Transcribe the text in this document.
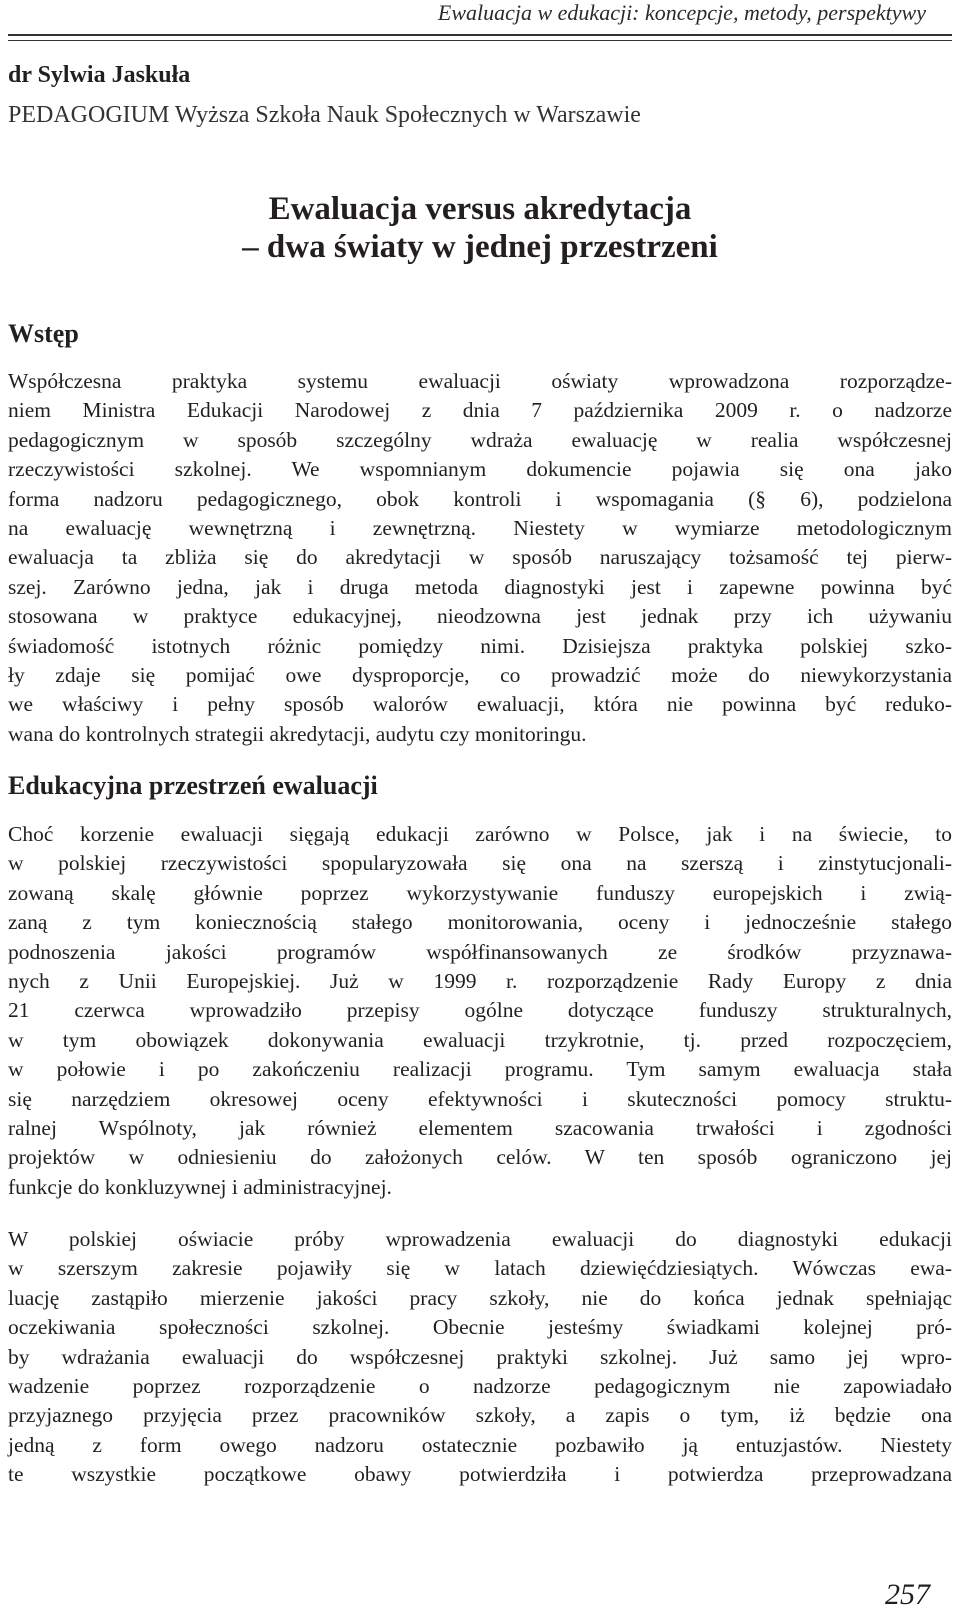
Ewaluacja w edukacji: koncepcje, metody, perspektywy
dr Sylwia Jaskuła
PEDAGOGIUM Wyższa Szkoła Nauk Społecznych w Warszawie
Ewaluacja versus akredytacja
– dwa światy w jednej przestrzeni
Wstęp
Współczesna praktyka systemu ewaluacji oświaty wprowadzona rozporządze-
niem Ministra Edukacji Narodowej z dnia 7 października 2009 r. o nadzorze
pedagogicznym w sposób szczególny wdraża ewaluację w realia współczesnej
rzeczywistości szkolnej. We wspomnianym dokumencie pojawia się ona jako
forma nadzoru pedagogicznego, obok kontroli i wspomagania (§ 6), podzielona
na ewaluację wewnętrzną i zewnętrzną. Niestety w wymiarze metodologicznym
ewaluacja ta zbliża się do akredytacji w sposób naruszający tożsamość tej pierw-
szej. Zarówno jedna, jak i druga metoda diagnostyki jest i zapewne powinna być
stosowana w praktyce edukacyjnej, nieodzowna jest jednak przy ich używaniu
świadomość istotnych różnic pomiędzy nimi. Dzisiejsza praktyka polskiej szko-
ły zdaje się pomijać owe dysproporcje, co prowadzić może do niewykorzystania
we właściwy i pełny sposób walorów ewaluacji, która nie powinna być reduko-
wana do kontrolnych strategii akredytacji, audytu czy monitoringu.
Edukacyjna przestrzeń ewaluacji
Choć korzenie ewaluacji sięgają edukacji zarówno w Polsce, jak i na świecie, to
w polskiej rzeczywistości spopularyzowała się ona na szerszą i zinstytucjonali-
zowaną skalę głównie poprzez wykorzystywanie funduszy europejskich i zwią-
zaną z tym koniecznością stałego monitorowania, oceny i jednocześnie stałego
podnoszenia jakości programów współfinansowanych ze środków przyznawa-
nych z Unii Europejskiej. Już w 1999 r. rozporządzenie Rady Europy z dnia
21 czerwca wprowadziło przepisy ogólne dotyczące funduszy strukturalnych,
w tym obowiązek dokonywania ewaluacji trzykrotnie, tj. przed rozpoczęciem,
w połowie i po zakończeniu realizacji programu. Tym samym ewaluacja stała
się narzędziem okresowej oceny efektywności i skuteczności pomocy struktu-
ralnej Wspólnoty, jak również elementem szacowania trwałości i zgodności
projektów w odniesieniu do założonych celów. W ten sposób ograniczono jej
funkcje do konkluzywnej i administracyjnej.
W polskiej oświacie próby wprowadzenia ewaluacji do diagnostyki edukacji
w szerszym zakresie pojawiły się w latach dziewięćdziesiątych. Wówczas ewa-
luację zastąpiło mierzenie jakości pracy szkoły, nie do końca jednak spełniając
oczekiwania społeczności szkolnej. Obecnie jesteśmy świadkami kolejnej pró-
by wdrażania ewaluacji do współczesnej praktyki szkolnej. Już samo jej wpro-
wadzenie poprzez rozporządzenie o nadzorze pedagogicznym nie zapowiadało
przyjaznego przyjęcia przez pracowników szkoły, a zapis o tym, iż będzie ona
jedną z form owego nadzoru ostatecznie pozbawiło ją entuzjastów. Niestety
te wszystkie początkowe obawy potwierdziła i potwierdza przeprowadzana
257
